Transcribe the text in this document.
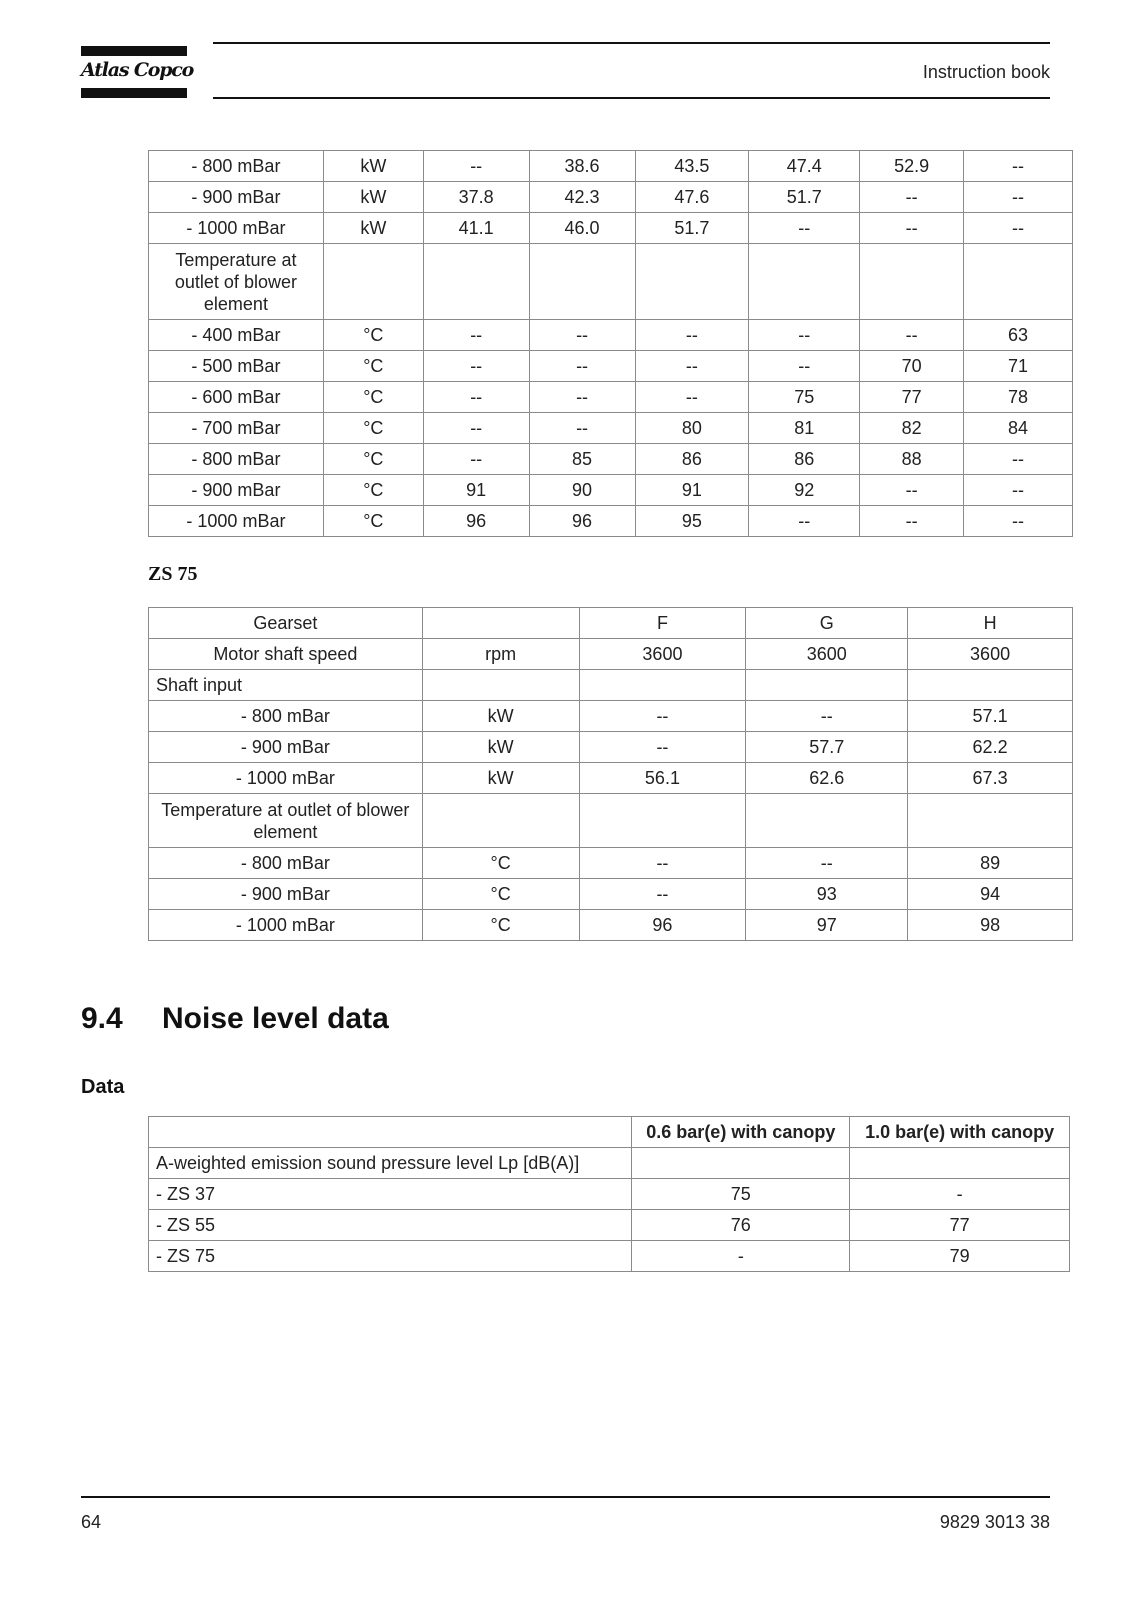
Atlas Copco	Instruction book
- 800 mBar	kW	--	38.6	43.5	47.4	52.9	--
- 900 mBar	kW	37.8	42.3	47.6	51.7	--	--
- 1000 mBar	kW	41.1	46.0	51.7	--	--	--
Temperature at outlet of blower element							
- 400 mBar	°C	--	--	--	--	--	63
- 500 mBar	°C	--	--	--	--	70	71
- 600 mBar	°C	--	--	--	75	77	78
- 700 mBar	°C	--	--	80	81	82	84
- 800 mBar	°C	--	85	86	86	88	--
- 900 mBar	°C	91	90	91	92	--	--
- 1000 mBar	°C	96	96	95	--	--	--
ZS 75
Gearset		F	G	H
Motor shaft speed	rpm	3600	3600	3600
Shaft input				
- 800 mBar	kW	--	--	57.1
- 900 mBar	kW	--	57.7	62.2
- 1000 mBar	kW	56.1	62.6	67.3
Temperature at outlet of blower element				
- 800 mBar	°C	--	--	89
- 900 mBar	°C	--	93	94
- 1000 mBar	°C	96	97	98
9.4 Noise level data
Data
	0.6 bar(e) with canopy	1.0 bar(e) with canopy
A-weighted emission sound pressure level Lp [dB(A)]		
- ZS 37	75	-
- ZS 55	76	77
- ZS 75	-	79
64	9829 3013 38
